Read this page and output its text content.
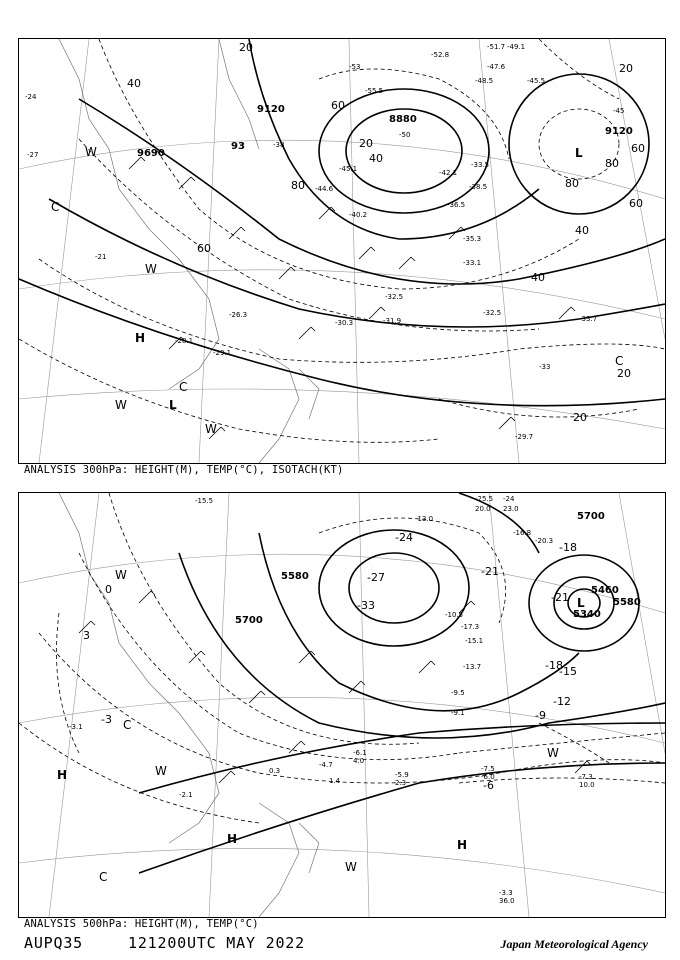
9120
8880
9120
9690
93
20
40
60
80
20
40
60
80
20
40
60
20
20
40
60
80
H
L
C
W
C
W
W
L
C
W
-51.7
-52.8
-49.1
-53
-55.5
-48.5
-45
-45.5
-47.6
-50
-45.1
-40.2
-38.5
-42.1
-36.5
-33.5
-35.3
-33.1
-32.5
-32.5
-31.9
-30.3	-33.7
-29.1
-28.1
-27
-26.3
-24
-21
-29.7
-33
-38
-44.6
ANALYSIS 300hPa: HEIGHT(M), TEMP(°C), ISOTACH(KT)
5580
5700
5700
5580
5340
5460
-24
-27
-33
-21
-18
-15
-12
-9
-6
-3
0
3
-18
-21
H
H	H
L
C
W
W
W
W
C
-25.5 -24
20.0 23.0
-15.5
-13.0
-16.8
-20.3
-10.5
-17.3
-15.1
-13.7
-9.5
-9.1
-7.5
-6.0	-7.3
10.0
-5.9
2.3
-6.1
4.0
-3.3
36.0
-4.7
1.4
-2.1
-3.1
0.3
ANALYSIS 500hPa: HEIGHT(M), TEMP(°C)
AUPQ35	121200UTC MAY 2022	Japan Meteorological Agency
